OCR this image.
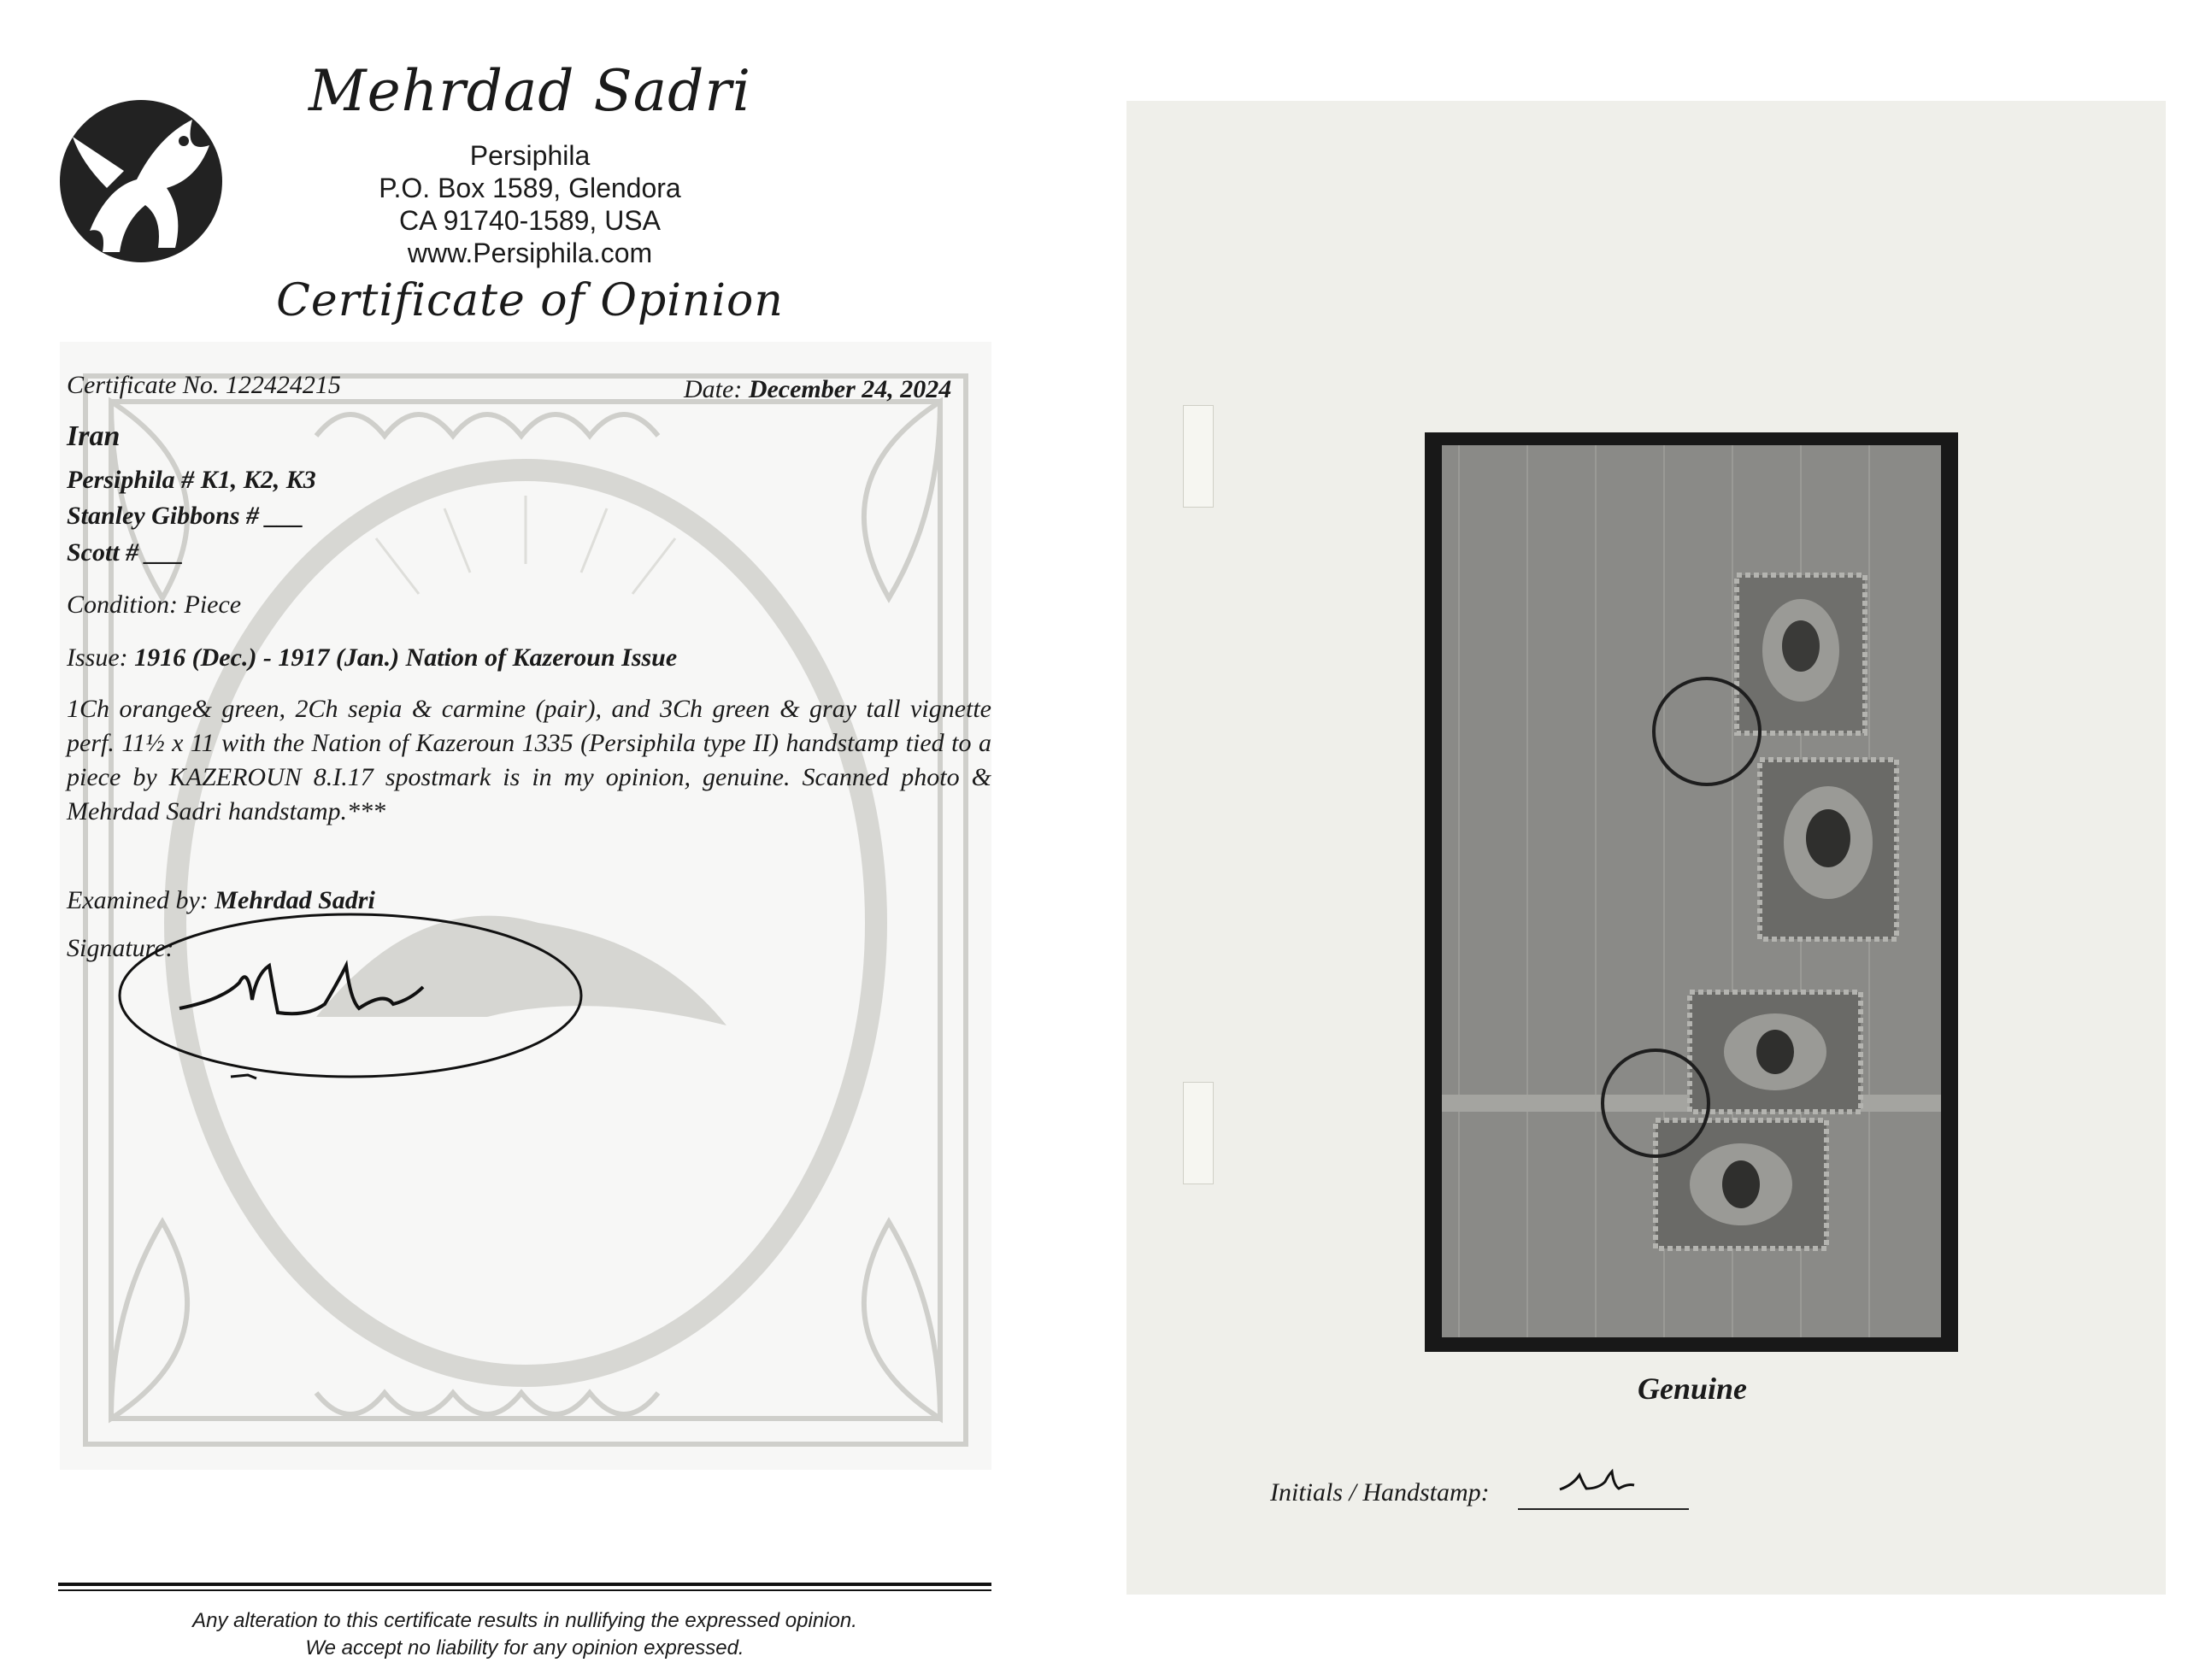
Mehrdad Sadri
Persiphila
P.O. Box 1589, Glendora
CA 91740-1589, USA
www.Persiphila.com
Certificate of Opinion
Certificate No. 122424215	Date: December 24, 2024
Iran
Persiphila # K1, K2, K3
Stanley Gibbons # ___
Scott # ___
Condition: Piece
Issue: 1916 (Dec.) - 1917 (Jan.) Nation of Kazeroun Issue
1Ch orange& green, 2Ch sepia & carmine (pair), and 3Ch green & gray tall vignette perf. 11½ x 11 with the Nation of Kazeroun 1335 (Persiphila type II) handstamp tied to a piece by KAZEROUN 8.I.17 spostmark is in my opinion, genuine. Scanned photo & Mehrdad Sadri handstamp.***
Examined by: Mehrdad Sadri
Signature:
Any alteration to this certificate results in nullifying the expressed opinion.
We accept no liability for any opinion expressed.
Genuine
Initials / Handstamp:
